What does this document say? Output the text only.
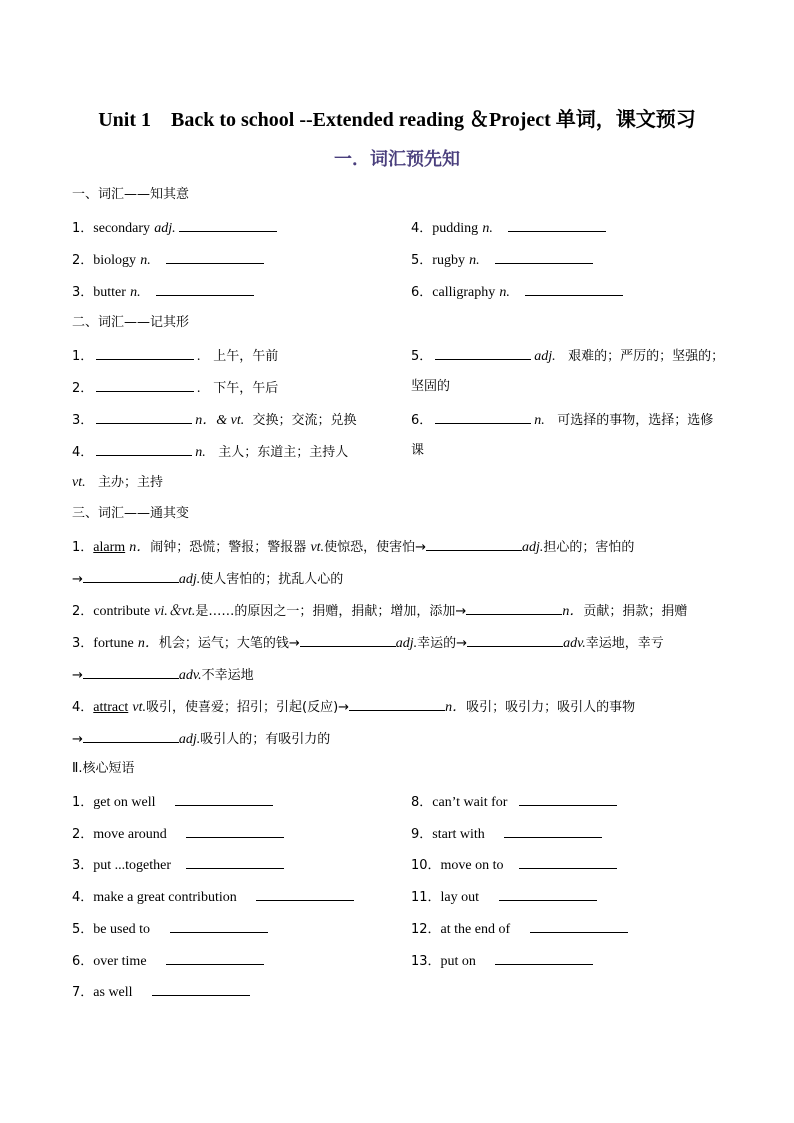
Unit 1　Back to school --Extended reading ＆Project 单词，课文预习
一．词汇预先知
一、词汇——知其意
1．secondary adj.
2．biology n.
3．butter n.
4．pudding n.
5．rugby n.
6．calligraphy n.
二、词汇——记其形
1．	. 上午，午前
2．	. 下午，午后
3．	n．& vt. 交换；交流；兑换
4．	n. 主人；东道主；主持人
vt. 主办；主持
5．	adj. 艰难的；严厉的；坚强的；
坚固的
6．	n. 可选择的事物，选择；选修
课
三、词汇——通其变
1．alarm n．闹钟；恐慌；警报；警报器 vt.使惊恐，使害怕→	adj.担心的；害怕的
→	adj.使人害怕的；扰乱人心的
2．contribute vi.＆vt.是……的原因之一；捐赠，捐献；增加，添加→	n．贡献；捐款；捐赠
3．fortune n．机会；运气；大笔的钱→	adj.幸运的→	adv.幸运地，幸亏
→	adv.不幸运地
4．attract vt.吸引，使喜爱；招引；引起(反应)→	n．吸引；吸引力；吸引人的事物
→	adj.吸引人的；有吸引力的
Ⅱ.核心短语
1．get on well
2．move around
3．put ...together
4．make a great contribution
5．be used to
6．over time
7．as well
8．can’t wait for
9．start with
10．move on to
11．lay out
12．at the end of
13．put on
